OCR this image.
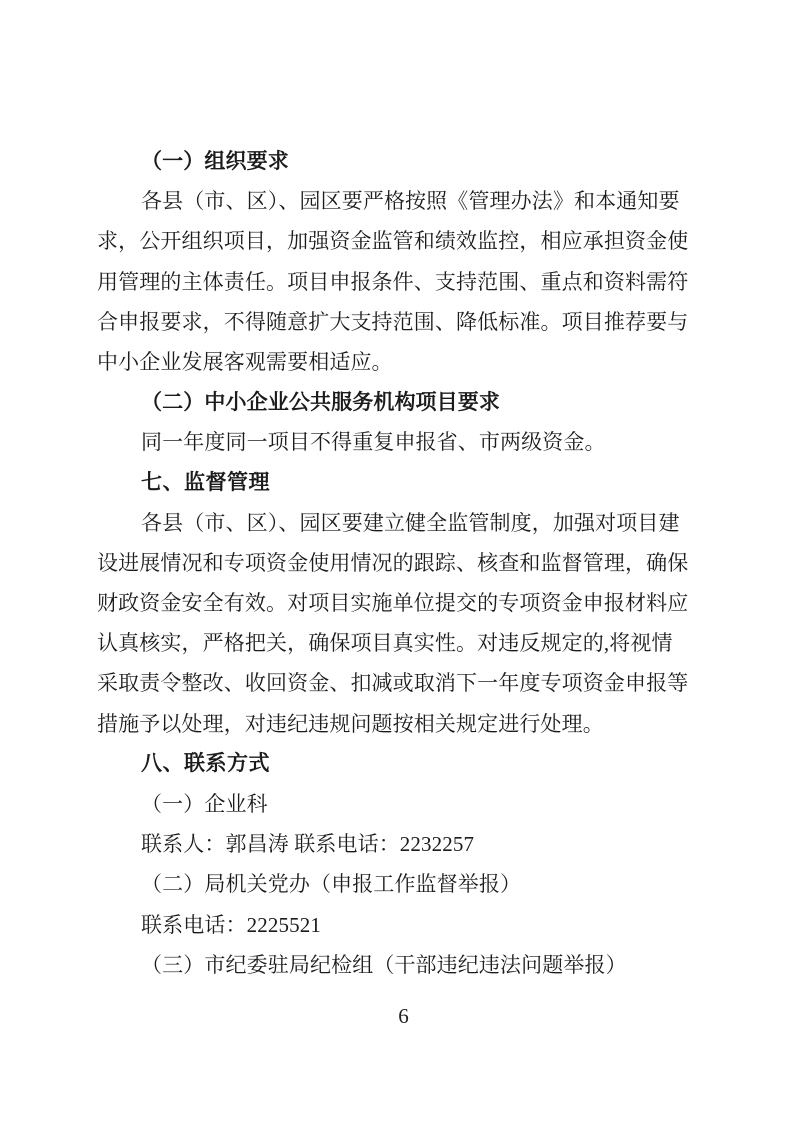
（一）组织要求
各县（市、区）、园区要严格按照《管理办法》和本通知要
求，公开组织项目，加强资金监管和绩效监控，相应承担资金使
用管理的主体责任。项目申报条件、支持范围、重点和资料需符
合申报要求，不得随意扩大支持范围、降低标准。项目推荐要与
中小企业发展客观需要相适应。
（二）中小企业公共服务机构项目要求
同一年度同一项目不得重复申报省、市两级资金。
七、监督管理
各县（市、区）、园区要建立健全监管制度，加强对项目建
设进展情况和专项资金使用情况的跟踪、核查和监督管理，确保
财政资金安全有效。对项目实施单位提交的专项资金申报材料应
认真核实，严格把关，确保项目真实性。对违反规定的,将视情
采取责令整改、收回资金、扣减或取消下一年度专项资金申报等
措施予以处理，对违纪违规问题按相关规定进行处理。
八、联系方式
（一）企业科
联系人：郭昌涛 联系电话：2232257
（二）局机关党办（申报工作监督举报）
联系电话：2225521
（三）市纪委驻局纪检组（干部违纪违法问题举报）
6
